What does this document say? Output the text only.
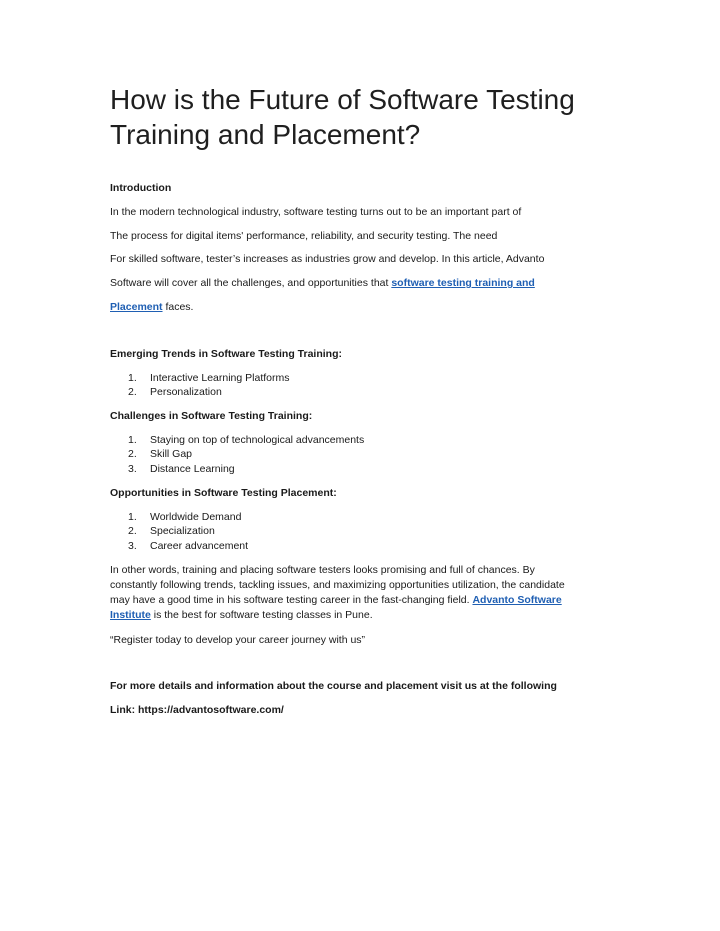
How is the Future of Software Testing
Training and Placement?
Introduction
In the modern technological industry, software testing turns out to be an important part of
The process for digital items' performance, reliability, and security testing. The need
For skilled software, tester’s increases as industries grow and develop. In this article, Advanto
Software will cover all the challenges, and opportunities that software testing training and
Placement faces.
Emerging Trends in Software Testing Training:
1. Interactive Learning Platforms
2. Personalization
Challenges in Software Testing Training:
1. Staying on top of technological advancements
2. Skill Gap
3. Distance Learning
Opportunities in Software Testing Placement:
1. Worldwide Demand
2. Specialization
3. Career advancement
In other words, training and placing software testers looks promising and full of chances. By
constantly following trends, tackling issues, and maximizing opportunities utilization, the candidate
may have a good time in his software testing career in the fast-changing field. Advanto Software
Institute is the best for software testing classes in Pune.
“Register today to develop your career journey with us”
For more details and information about the course and placement visit us at the following
Link: https://advantosoftware.com/
